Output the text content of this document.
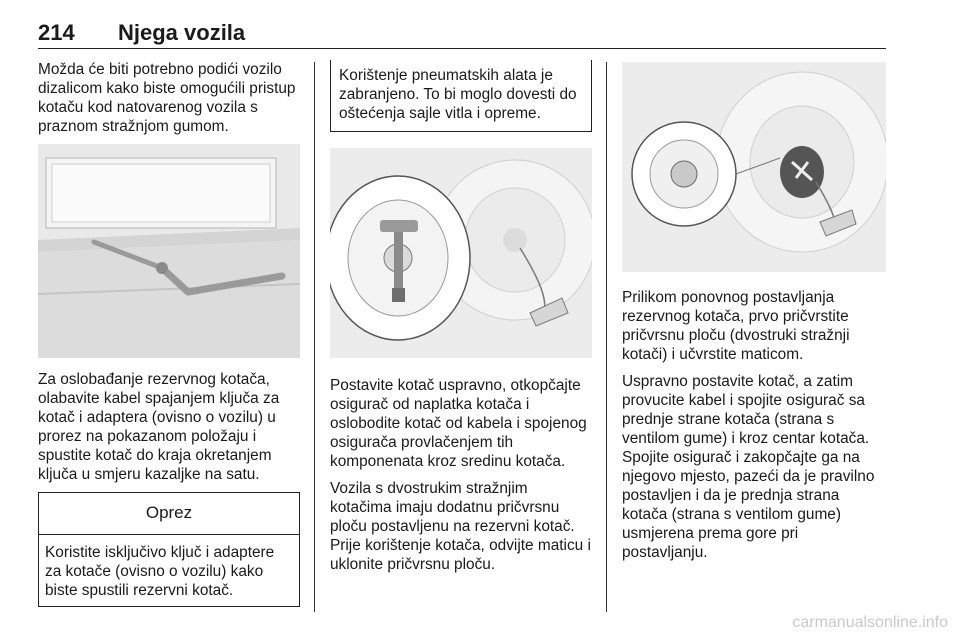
214 Njega vozila

Možda će biti potrebno podići vozilo dizalicom kako biste omogućili pristup kotaču kod natovarenog vozila s praznom stražnjom gumom.

Za oslobađanje rezervnog kotača, olabavite kabel spajanjem ključa za kotač i adaptera (ovisno o vozilu) u prorez na pokazanom položaju i spustite kotač do kraja okretanjem ključa u smjeru kazaljke na satu.

Oprez
Koristite isključivo ključ i adaptere za kotače (ovisno o vozilu) kako biste spustili rezervni kotač.
Korištenje pneumatskih alata je zabranjeno. To bi moglo dovesti do oštećenja sajle vitla i opreme.

Postavite kotač uspravno, otkopčajte osigurač od naplatka kotača i oslobodite kotač od kabela i spojenog osigurača provlačenjem tih komponenata kroz sredinu kotača.

Vozila s dvostrukim stražnjim kotačima imaju dodatnu pričvrsnu ploču postavljenu na rezervni kotač. Prije korištenje kotača, odvijte maticu i uklonite pričvrsnu ploču.

Prilikom ponovnog postavljanja rezervnog kotača, prvo pričvrstite pričvrsnu ploču (dvostruki stražnji kotači) i učvrstite maticom.

Uspravno postavite kotač, a zatim provucite kabel i spojite osigurač sa prednje strane kotača (strana s ventilom gume) i kroz centar kotača. Spojite osigurač i zakopčajte ga na njegovo mjesto, pazeći da je pravilno postavljen i da je prednja strana kotača (strana s ventilom gume) usmjerena prema gore pri postavljanju.

carmanualsonline.info
